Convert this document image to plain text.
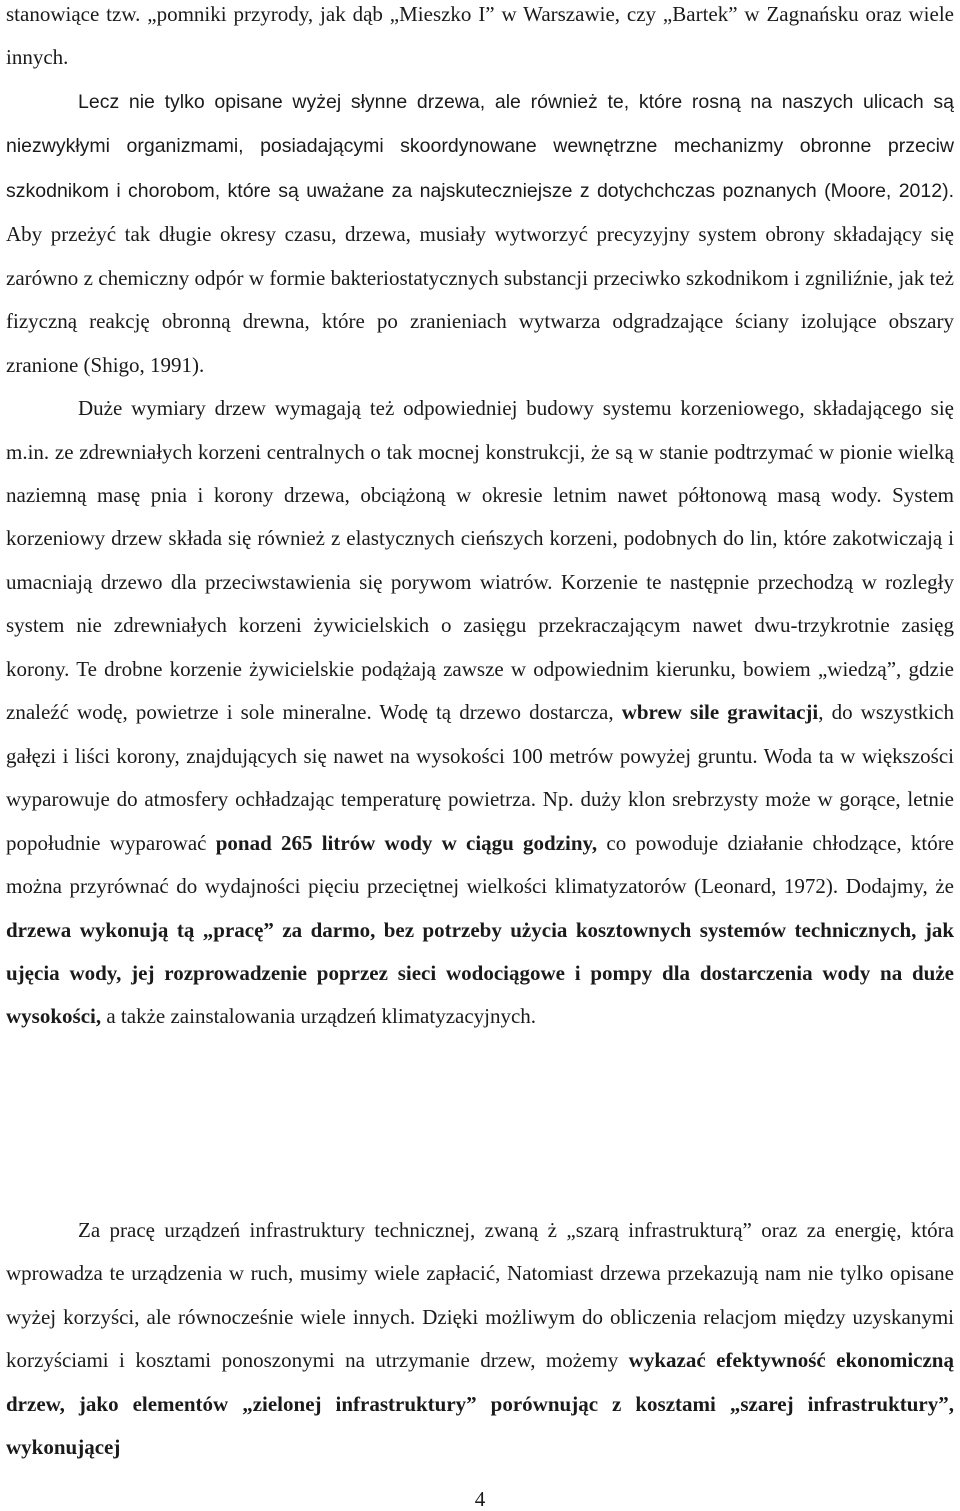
stanowiące tzw. „pomniki przyrody, jak dąb „Mieszko I” w Warszawie, czy „Bartek” w Zagnańsku oraz wiele innych.

Lecz nie tylko opisane wyżej słynne drzewa, ale również te, które rosną na naszych ulicach są niezwykłymi organizmami, posiadającymi skoordynowane wewnętrzne mechanizmy obronne przeciw szkodnikom i chorobom, które są uważane za najskuteczniejsze z dotychchczas poznanych (Moore, 2012). Aby przeżyć tak długie okresy czasu, drzewa, musiały wytworzyć precyzyjny system obrony składający się zarówno z chemiczny odpór w formie bakteriostatycznych substancji przeciwko szkodnikom i zgniliźnie, jak też fizyczną reakcję obronną drewna, które po zranieniach wytwarza odgradzające ściany izolujące obszary zranione (Shigo, 1991).

Duże wymiary drzew wymagają też odpowiedniej budowy systemu korzeniowego, składającego się m.in. ze zdrewniałych korzeni centralnych o tak mocnej konstrukcji, że są w stanie podtrzymać w pionie wielką naziemną masę pnia i korony drzewa, obciążoną w okresie letnim nawet półtonową masą wody. System korzeniowy drzew składa się również z elastycznych cieńszych korzeni, podobnych do lin, które zakotwiczają i umacniają drzewo dla przeciwstawienia się porywom wiatrów. Korzenie te następnie przechodzą w rozległy system nie zdrewniałych korzeni żywicielskich o zasięgu przekraczającym nawet dwu-trzykrotnie zasięg korony. Te drobne korzenie żywicielskie podążają zawsze w odpowiednim kierunku, bowiem „wiedzą”, gdzie znaleźć wodę, powietrze i sole mineralne. Wodę tą drzewo dostarcza, wbrew sile grawitacji, do wszystkich gałęzi i liści korony, znajdujących się nawet na wysokości 100 metrów powyżej gruntu. Woda ta w większości wyparowuje do atmosfery ochładzając temperaturę powietrza. Np. duży klon srebrzysty może w gorące, letnie popołudnie wyparować ponad 265 litrów wody w ciągu godziny, co powoduje działanie chłodzące, które można przyrównać do wydajności pięciu przeciętnej wielkości klimatyzatorów (Leonard, 1972). Dodajmy, że drzewa wykonują tą „pracę” za darmo, bez potrzeby użycia kosztownych systemów technicznych, jak ujęcia wody, jej rozprowadzenie poprzez sieci wodociągowe i pompy dla dostarczenia wody na duże wysokości, a także zainstalowania urządzeń klimatyzacyjnych.

Za pracę urządzeń infrastruktury technicznej, zwaną ż „szarą infrastrukturą” oraz za energię, która wprowadza te urządzenia w ruch, musimy wiele zapłacić, Natomiast drzewa przekazują nam nie tylko opisane wyżej korzyści, ale równocześnie wiele innych. Dzięki możliwym do obliczenia relacjom między uzyskanymi korzyściami i kosztami ponoszonymi na utrzymanie drzew, możemy wykazać efektywność ekonomiczną drzew, jako elementów „zielonej infrastruktury” porównując z kosztami „szarej infrastruktury”, wykonującej

4
